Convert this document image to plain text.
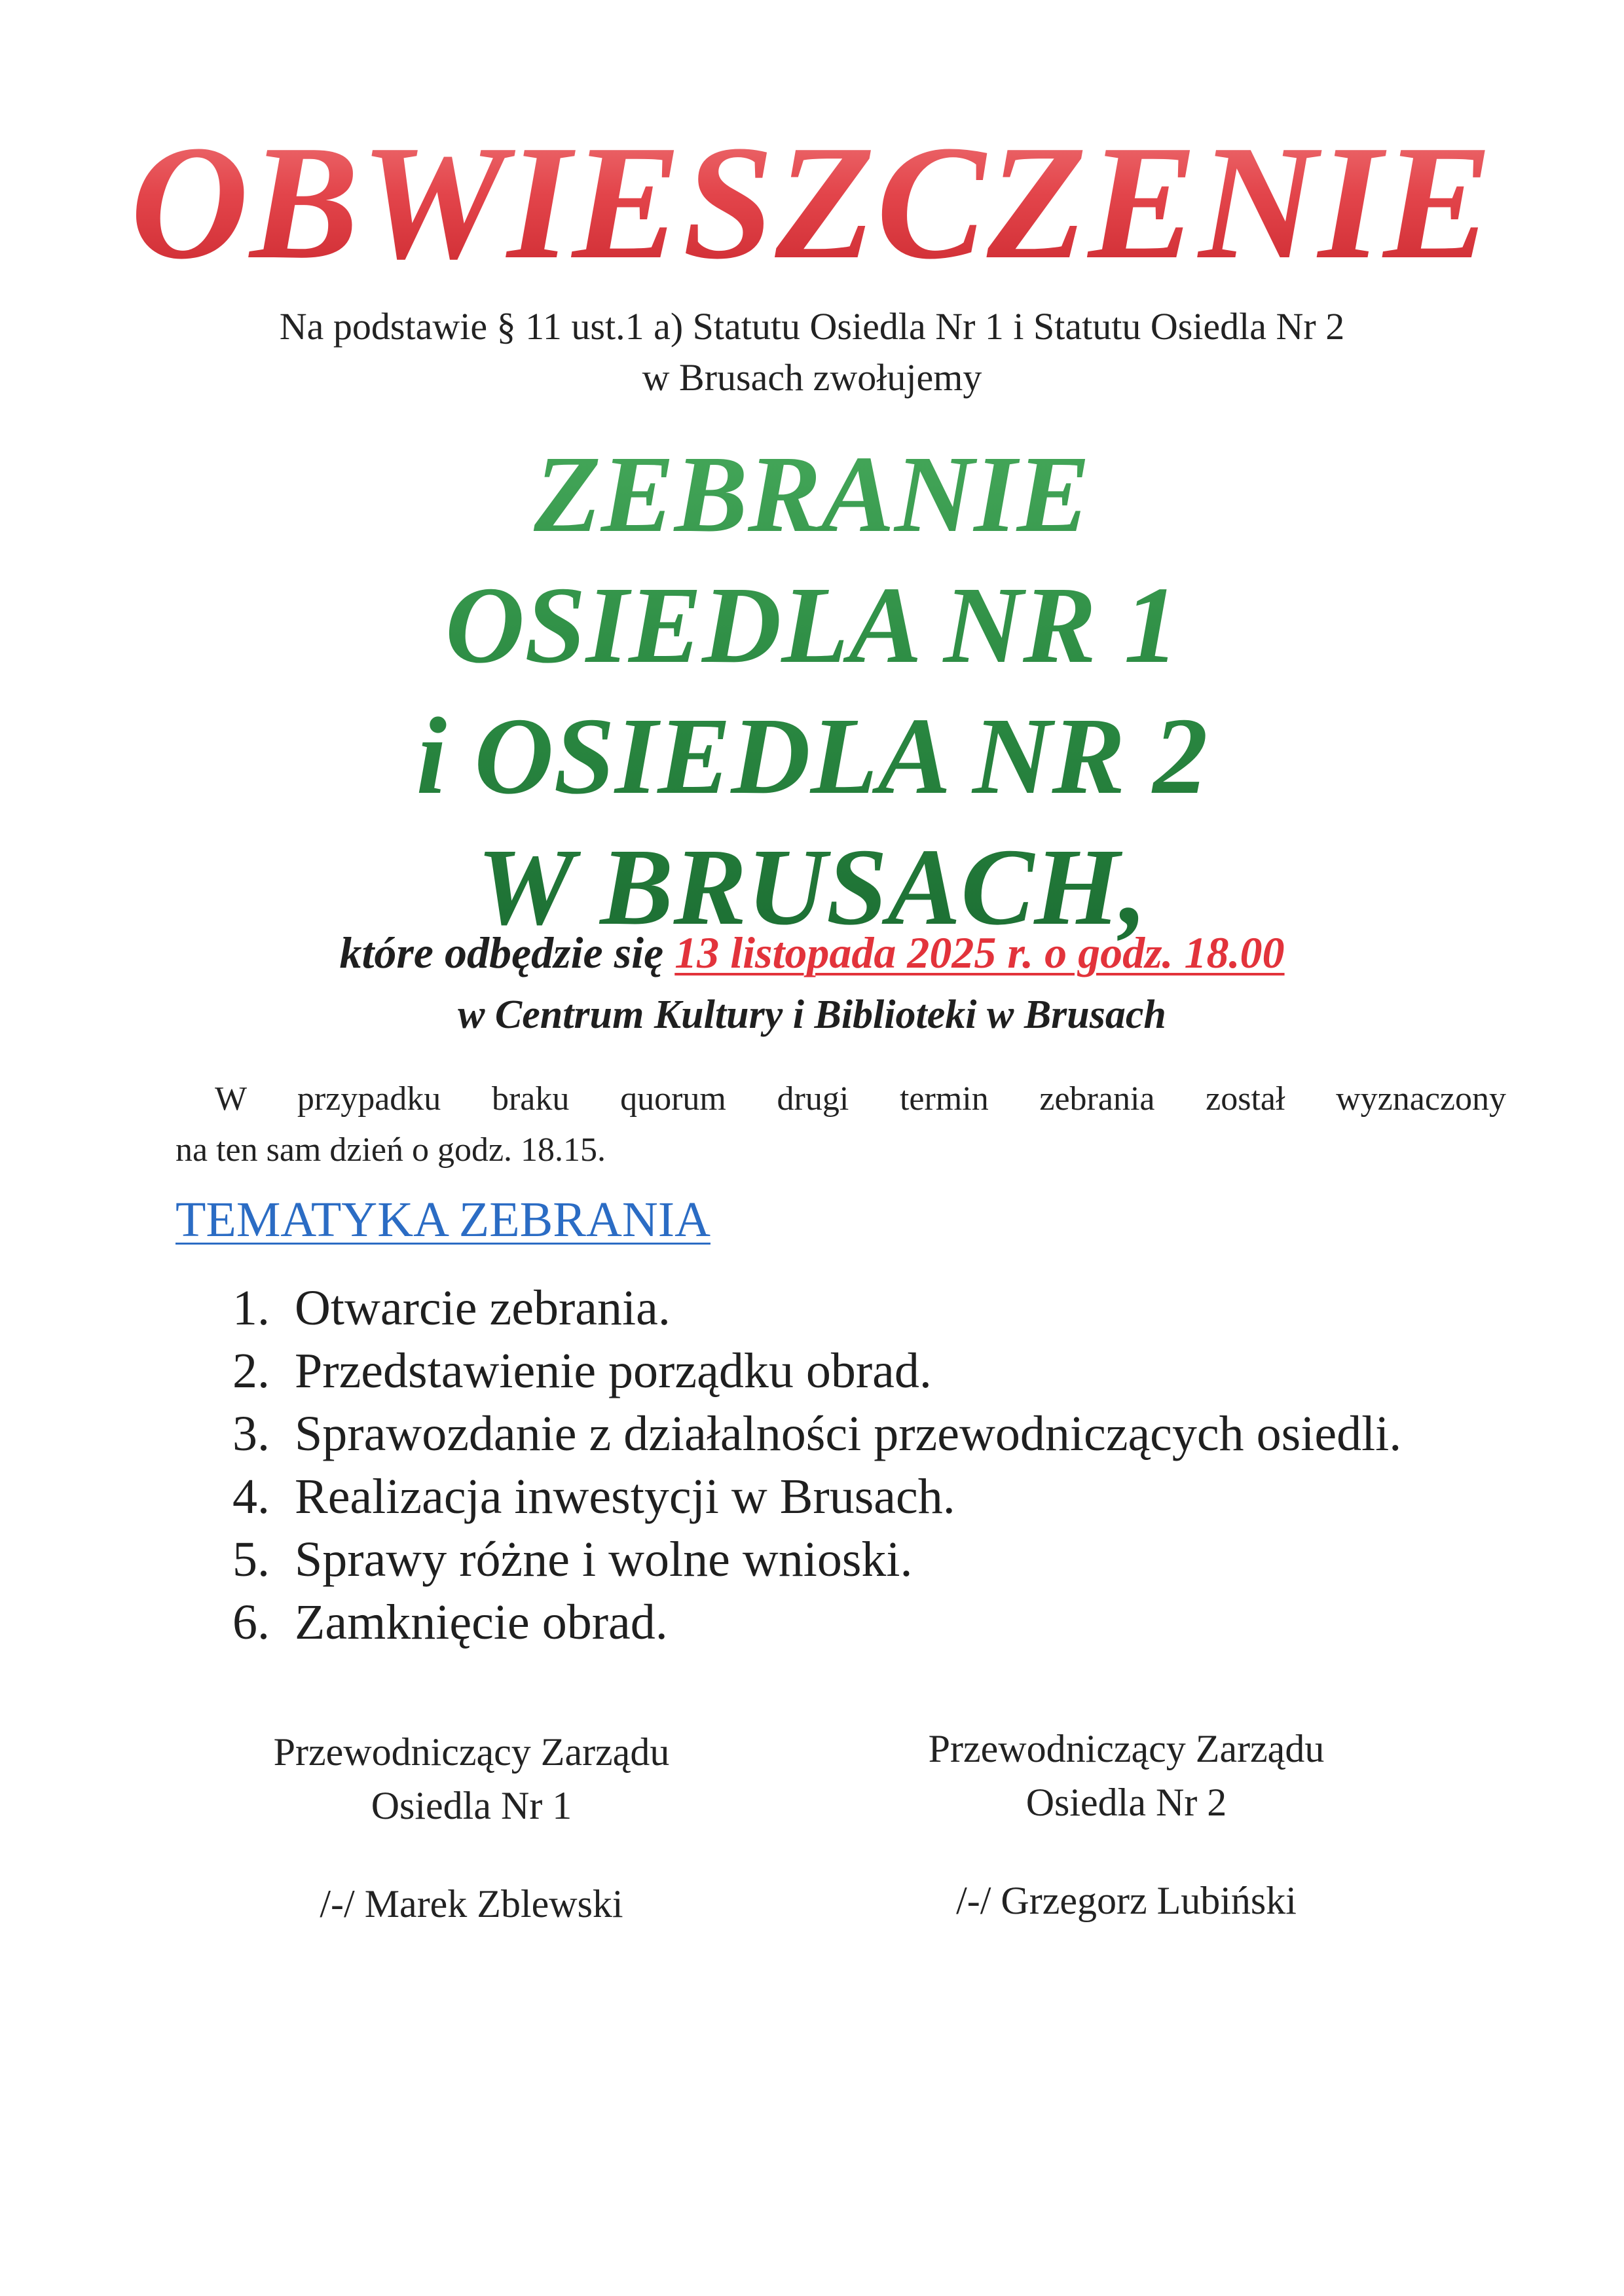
OBWIESZCZENIE
Na podstawie § 11 ust.1 a) Statutu Osiedla Nr 1 i Statutu Osiedla Nr 2
w Brusach zwołujemy
ZEBRANIE
OSIEDLA NR 1
i OSIEDLA NR 2
W BRUSACH,
które odbędzie się 13 listopada 2025 r. o godz. 18.00
w Centrum Kultury i Biblioteki w Brusach
W przypadku braku quorum drugi termin zebrania został wyznaczony
na ten sam dzień o godz. 18.15.
TEMATYKA ZEBRANIA
1. Otwarcie zebrania.
2. Przedstawienie porządku obrad.
3. Sprawozdanie z działalności przewodniczących osiedli.
4. Realizacja inwestycji w Brusach.
5. Sprawy różne i wolne wnioski.
6. Zamknięcie obrad.
Przewodniczący Zarządu
Osiedla Nr 1
/-/ Marek Zblewski
Przewodniczący Zarządu
Osiedla Nr 2
/-/ Grzegorz Lubiński
